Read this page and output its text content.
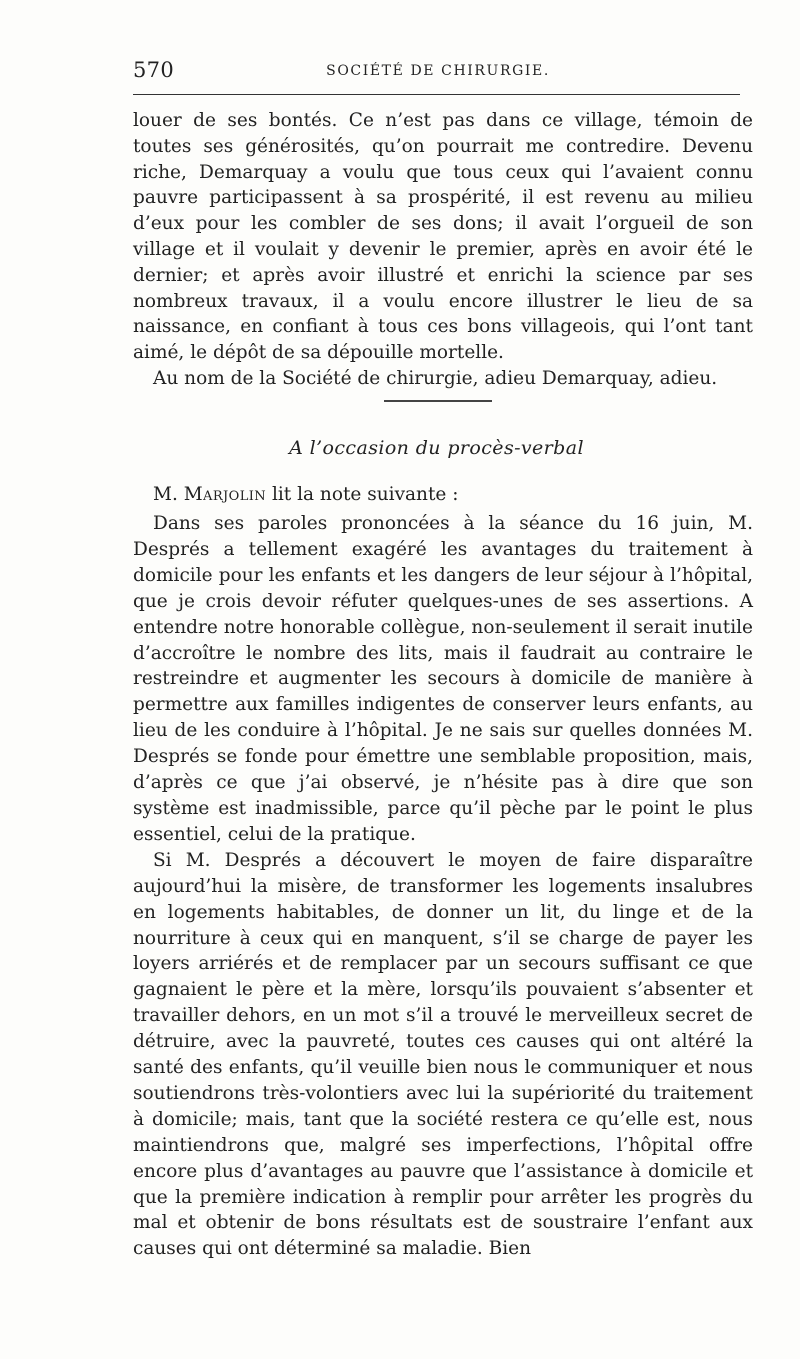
570	SOCIÉTÉ DE CHIRURGIE.

louer de ses bontés. Ce n’est pas dans ce village, témoin de toutes ses générosités, qu’on pourrait me contredire. Devenu riche, Demarquay a voulu que tous ceux qui l’avaient connu pauvre participassent à sa prospérité, il est revenu au milieu d’eux pour les combler de ses dons; il avait l’orgueil de son village et il voulait y devenir le premier, après en avoir été le dernier; et après avoir illustré et enrichi la science par ses nombreux travaux, il a voulu encore illustrer le lieu de sa naissance, en confiant à tous ces bons villageois, qui l’ont tant aimé, le dépôt de sa dépouille mortelle.

Au nom de la Société de chirurgie, adieu Demarquay, adieu.

A l’occasion du procès-verbal
M. Marjolin lit la note suivante :

Dans ses paroles prononcées à la séance du 16 juin, M. Després a tellement exagéré les avantages du traitement à domicile pour les enfants et les dangers de leur séjour à l’hôpital, que je crois devoir réfuter quelques-unes de ses assertions. A entendre notre honorable collègue, non-seulement il serait inutile d’accroître le nombre des lits, mais il faudrait au contraire le restreindre et augmenter les secours à domicile de manière à permettre aux familles indigentes de conserver leurs enfants, au lieu de les conduire à l’hôpital. Je ne sais sur quelles données M. Després se fonde pour émettre une semblable proposition, mais, d’après ce que j’ai observé, je n’hésite pas à dire que son système est inadmissible, parce qu’il pèche par le point le plus essentiel, celui de la pratique.

Si M. Després a découvert le moyen de faire disparaître aujourd’hui la misère, de transformer les logements insalubres en logements habitables, de donner un lit, du linge et de la nourriture à ceux qui en manquent, s’il se charge de payer les loyers arriérés et de remplacer par un secours suffisant ce que gagnaient le père et la mère, lorsqu’ils pouvaient s’absenter et travailler dehors, en un mot s’il a trouvé le merveilleux secret de détruire, avec la pauvreté, toutes ces causes qui ont altéré la santé des enfants, qu’il veuille bien nous le communiquer et nous soutiendrons très-volontiers avec lui la supériorité du traitement à domicile; mais, tant que la société restera ce qu’elle est, nous maintiendrons que, malgré ses imperfections, l’hôpital offre encore plus d’avantages au pauvre que l’assistance à domicile et que la première indication à remplir pour arrêter les progrès du mal et obtenir de bons résultats est de soustraire l’enfant aux causes qui ont déterminé sa maladie. Bien
